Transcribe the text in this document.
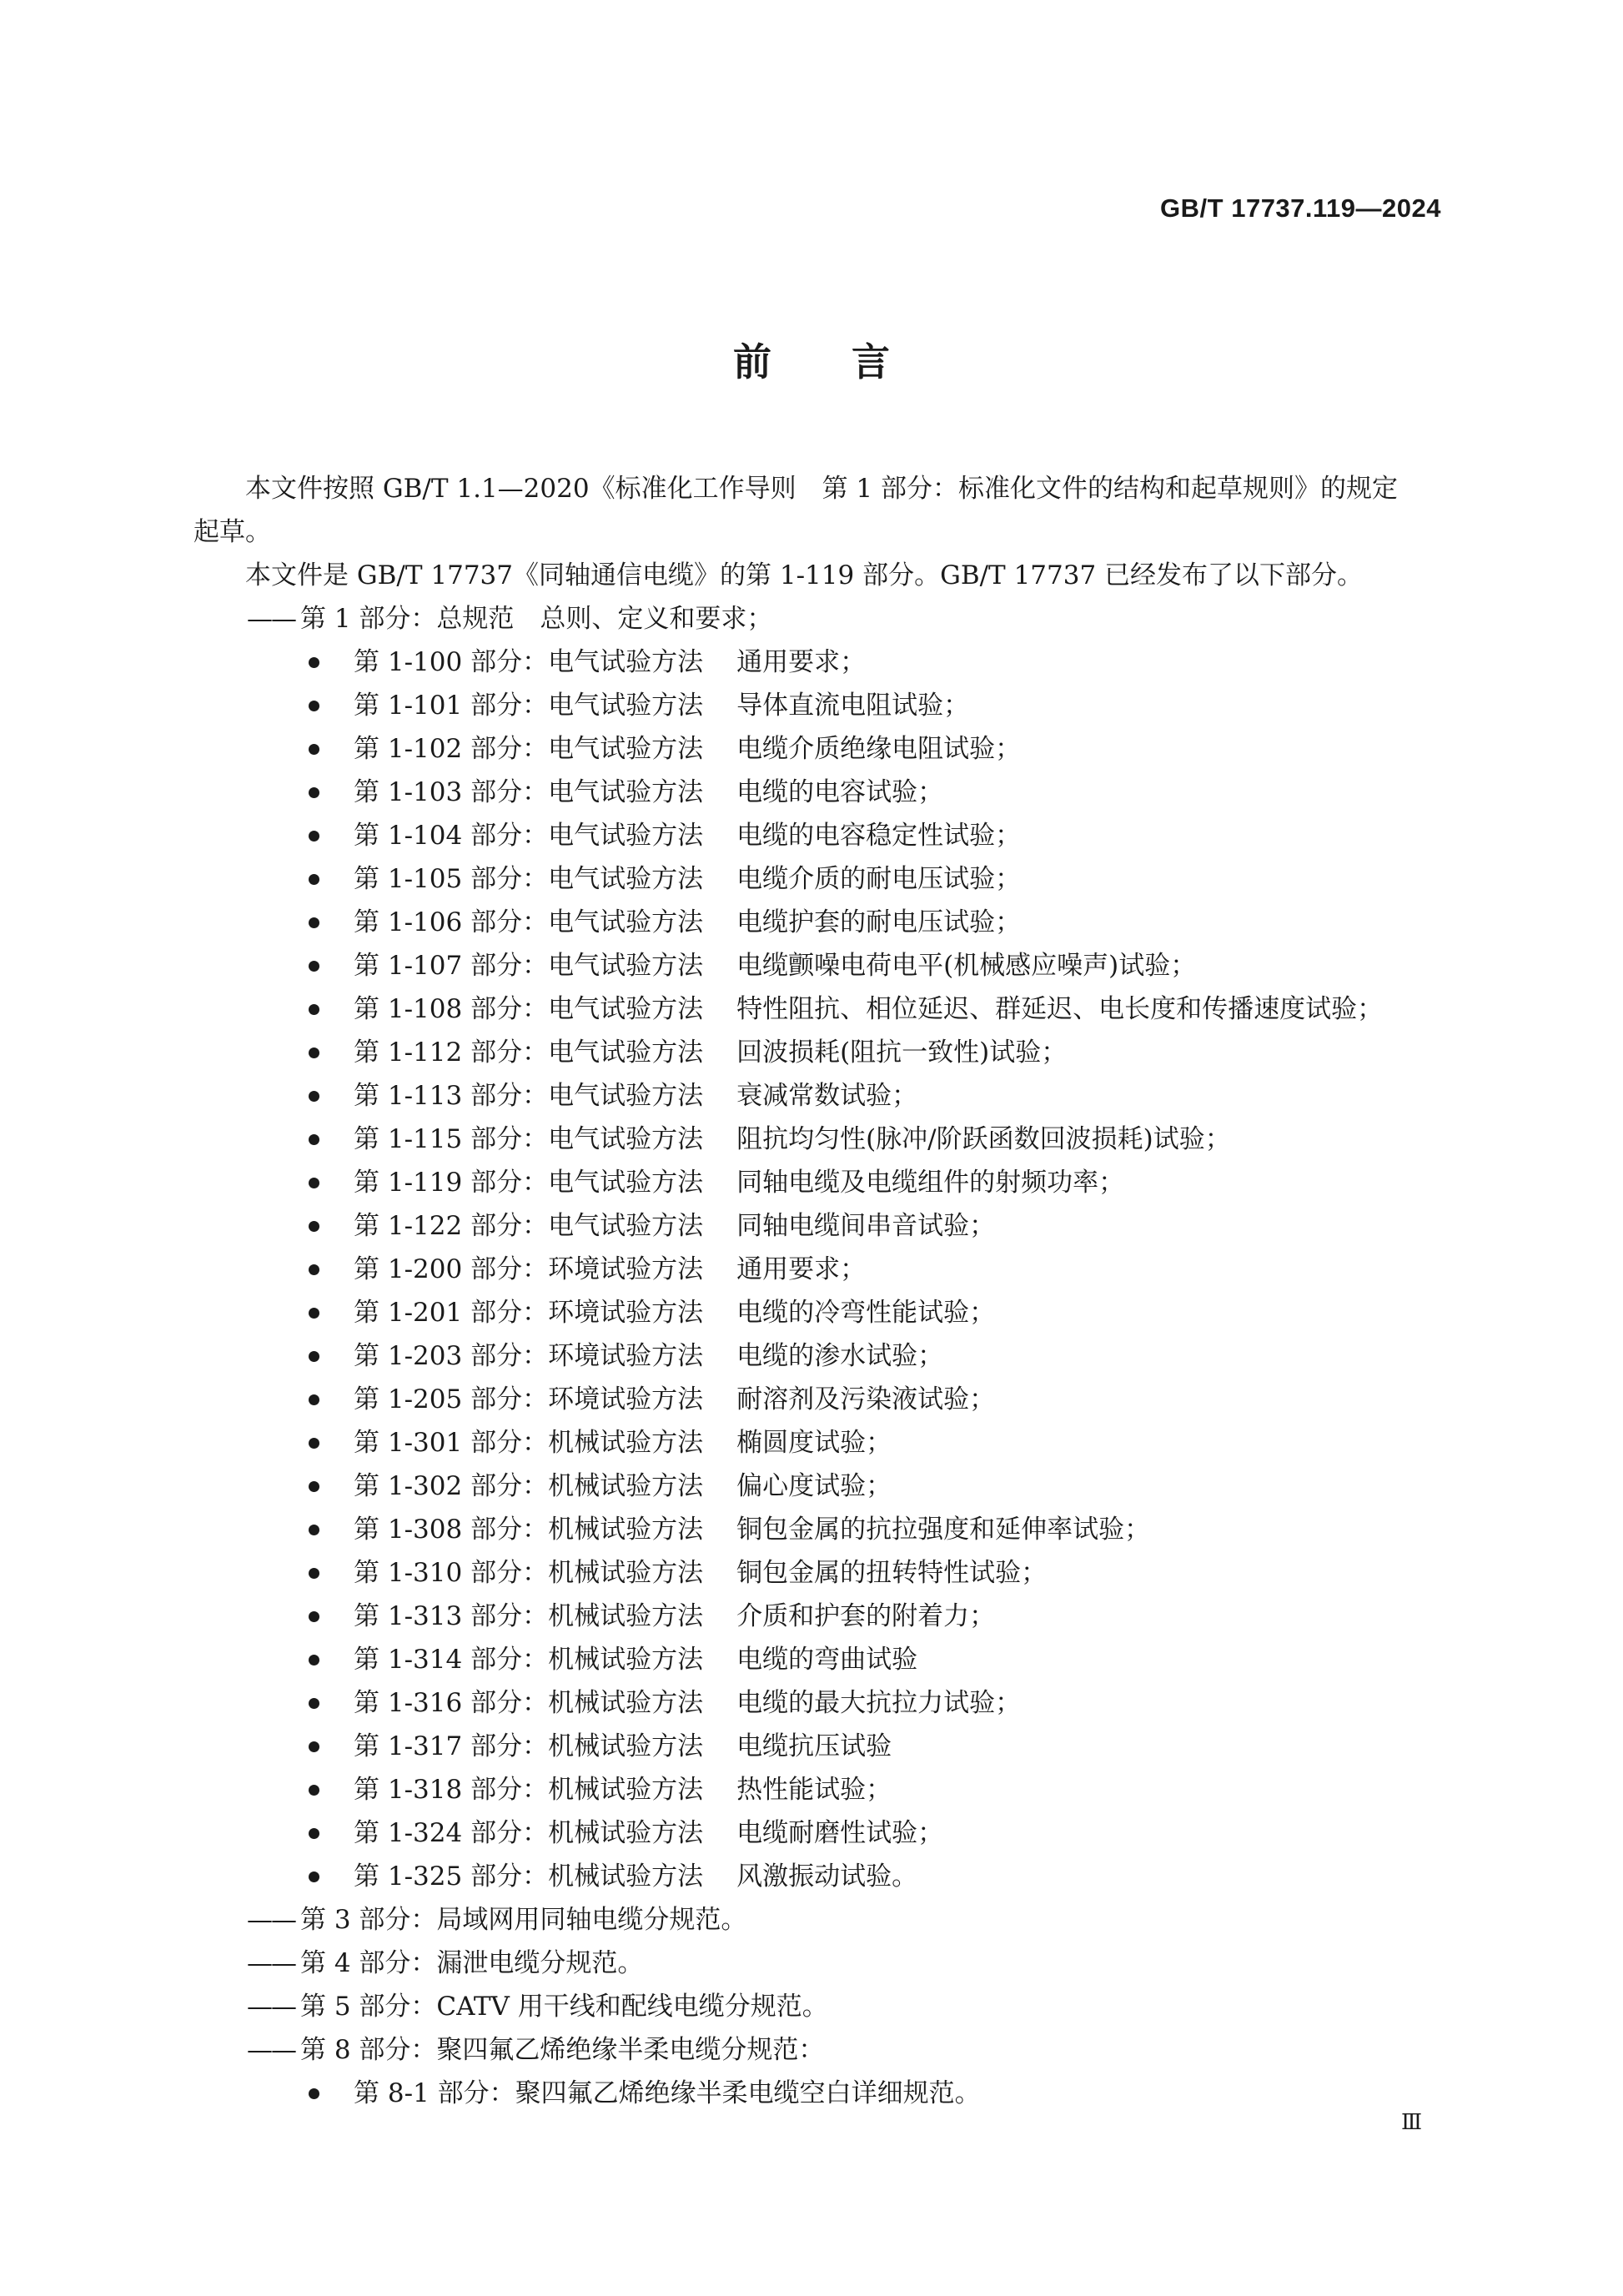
GB/T 17737.119—2024
前言

本文件按照 GB/T 1.1—2020《标准化工作导则　第 1 部分：标准化文件的结构和起草规则》的规定

起草。

本文件是 GB/T 17737《同轴通信电缆》的第 1-119 部分。GB/T 17737 已经发布了以下部分。

—— 第 1 部分：总规范　总则、定义和要求；
第 1-100 部分：电气试验方法 通用要求；
第 1-101 部分：电气试验方法 导体直流电阻试验；
第 1-102 部分：电气试验方法 电缆介质绝缘电阻试验；
第 1-103 部分：电气试验方法 电缆的电容试验；
第 1-104 部分：电气试验方法 电缆的电容稳定性试验；
第 1-105 部分：电气试验方法 电缆介质的耐电压试验；
第 1-106 部分：电气试验方法 电缆护套的耐电压试验；
第 1-107 部分：电气试验方法 电缆颤噪电荷电平(机械感应噪声)试验；
第 1-108 部分：电气试验方法 特性阻抗、相位延迟、群延迟、电长度和传播速度试验；
第 1-112 部分：电气试验方法 回波损耗(阻抗一致性)试验；
第 1-113 部分：电气试验方法 衰减常数试验；
第 1-115 部分：电气试验方法 阻抗均匀性(脉冲/阶跃函数回波损耗)试验；
第 1-119 部分：电气试验方法 同轴电缆及电缆组件的射频功率；
第 1-122 部分：电气试验方法 同轴电缆间串音试验；
第 1-200 部分：环境试验方法 通用要求；
第 1-201 部分：环境试验方法 电缆的冷弯性能试验；
第 1-203 部分：环境试验方法 电缆的渗水试验；
第 1-205 部分：环境试验方法 耐溶剂及污染液试验；
第 1-301 部分：机械试验方法 椭圆度试验；
第 1-302 部分：机械试验方法 偏心度试验；
第 1-308 部分：机械试验方法 铜包金属的抗拉强度和延伸率试验；
第 1-310 部分：机械试验方法 铜包金属的扭转特性试验；
第 1-313 部分：机械试验方法 介质和护套的附着力；
第 1-314 部分：机械试验方法 电缆的弯曲试验
第 1-316 部分：机械试验方法 电缆的最大抗拉力试验；
第 1-317 部分：机械试验方法 电缆抗压试验
第 1-318 部分：机械试验方法 热性能试验；
第 1-324 部分：机械试验方法 电缆耐磨性试验；
第 1-325 部分：机械试验方法 风激振动试验。
—— 第 3 部分：局域网用同轴电缆分规范。
—— 第 4 部分：漏泄电缆分规范。
—— 第 5 部分：CATV 用干线和配线电缆分规范。
—— 第 8 部分：聚四氟乙烯绝缘半柔电缆分规范：
第 8-1 部分：聚四氟乙烯绝缘半柔电缆空白详细规范。
Ⅲ
